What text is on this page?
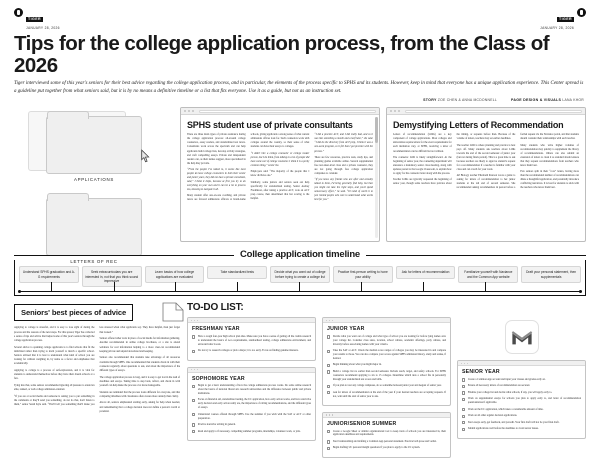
TIGER
JANUARY 28, 2026
TIGER
JANUARY 28, 2026
Tips for the college application process, from the Class of 2026

Tiger interviewed some of this year's seniors for their best advice regarding the college application process, and in particular, the elements of the process specific to SPHS and its students. However, keep in mind that everyone has a unique application experience. This Center spread is a guideline put together from what seniors said, but it is by no means a definitive timeline or a list that fits everyone. Use it as a guide, but not as an instruction set.

STORY ZOE CHEN & ANNA MCDONNELL	PAGE DESIGN & VISUALS LANA KHOR
APPLICATIONS
LETTERS OF REC
SPHS student use of private consultants

There are three main types of private assistance during the college application process: all-around college counselors, essay readers, and standardized test tutors. Consultants work across the spectrum and can help applicants build college lists, develop activity strategies, and craft compelling essays. Private and independent readers can, as their names suggest, more specialized in the help they provide.

“From the people I've talked to, it seems like most people do have college counselors in both their senior and junior years, they did not have a private consultant, said,” I think it helps, because at first you try to do everything on your own and it can be a lot to process too, knowing to navigate it all.

Many student offer one-on-one coaching, and private tutors are favored admissions officers at brand-name schools, giving applicants a strong sense of what current admissions offices look for. Such counselors work with colleges around the country, so their sense of what students can have their essays to colleges.

“I didn't hire a college counselor or college reader person, but I do think, from talking to a lot of people did have some sort of college counselor. I think it is a pretty common thing,” senior the.

Employers said: “The majority of the people that I know did have one.”

Similarly, some juniors and seniors seek out help specifically for standardized testing. Senior Audrey Fredrikson, after taking a practice ACT, took an ACT prep course, then determined that her scoring is the helpful.

“I did a practice ACT, and I did really bad, and so it was like something a month and a half later,” she said. “I did do the directory from ACT prep, I think it was a one-week program, so it felt that I got practice with the process.”

There are few resources, practice tests, study tips, and planning guides available online. Several supplemental free test-taker-level class and a private counselor, they are not going through free college application companies to consider.

“If you know any friends who are after and actually talked to them, I'd bring generally find help, but then you might not take the right steps, and you'd spend unnecessary effort,” he said. “It's kind of worth it to just remind people who care to understand what works best for you.”

Demystifying Letters of Recommendation

Letters of recommendation (LORs) are a key component of college applications. Most colleges and universities require letters for the exact requirements for each institution vary, at SPHS, receiving a letter of recommendation can be difficult but not without.

The counselor LOR is likely straightforward. At the beginning of senior year, the counseling department will announce a mandatory senior class meeting, along with updates posted to the Google Classroom, to explain how to apply for the counselor letter along with the process.

Teacher LORs are typically requested the beginning of senior year, though some teachers have policies about the timing, or requests before then. Because of the volume of letters, teachers may set earlier deadlines.

The teacher LOR is where planning and practice is best pays off. Many students ask teachers about LORs towards the end of the second semester of junior year (but not during finals period). This is a great time to ask because teachers are likely to approve student's request for a recommendation if a teacher is familiar with your class and can vouch for your work.

AP Biology teacher Elizabeth Pearson wrote a guide to asking for letters of recommendation to her junior students at the tail end of second semester. She recommended asking recommenders in person before a formal request via the Naviance portal, and that students should consider their relationships with each teacher.

Many students who write higher volumes of recommendation may quickly to supplement the library of recommendations. Others can also submit an extension of letters to clean it as standard should ensure that they request recommendations from teachers who know them best.

Few seniors split in their “core” letters, having more than the recommended number of recommendations can dilute a thoughtful application, and potentially introduce conflicting narratives. It is best for students to stick with the teachers who know them best.

College application timeline
Understand SPHS graduation and A-G requirements
Seek extracurriculars you are interested in, not that you think sound impressive
Learn basics of how college applications are evaluated
Take standardized tests	Decide what you want out of college before trying to create a college list
Practice first-person writing to hone your ability
Ask for letters of recommendation	Familiarize yourself with Naviance and the Common App website
Draft your personal statement, then supplementals
Seniors' best pieces of advice

Applying to college is stressful, and it is easy to lose sight of during the process and the reasons of the next steps. For this spread, Tiger has collected a series of tips and advice that helped some of this year's seniors through the college application process.

Several advice to spanning college applicants is to find schools that fit the individual rather than trying to mold yourself to match a specific school. Seniors advised that it is best to understand what kind of school you are looking for without weighing in, by name as a factor and emphasize that academically.

Applying to college is a process of self-exploration, and it is vital for students to understand themselves before they have their dream schools at a few.

Tying into that, some seniors recommended ignoring all pressure to attend an elite, ranked, or well-college admission-oriented.

“If you are at social media and someone is asking you to put something in the comments or they'll send you something, do not do that, don't listen to them,” senior Sarah Kyle said. “That'll tell you something that'll make you less stressed when what applicants say. They have helpful, then just forget that looked.”

Seniors offered other tools in place of social media for information gathering. Another recommended in online college brochures, or a site to attend webinars for real information helping to a more clear-cut recommended keeping private and unpaid aid-related and keeping.

Seniors also recommended that students take advantage of all resources available through SPHS. One recommended that students check in with their counselor regularly about questions to ask, and about the importance of the different types of essays.

The college application process is long, and it is easy to get lost in the rush of deadlines and essays. Taking time to step back, reflect, and check in with yourself can help make the process a lot more manageable.

Students are reminded that the process looks different for everyone, and that comparing timelines with classmates often creates more anxiety than clarity.

Above all, seniors emphasized starting early, asking for help when needed, and remembering that a college decision does not define a person's worth or potential.

TO-DO LIST:
FRESHMAN YEAR

Have a rough four-year high school plan idea. Make sure you have a sense of getting all the credits research to understand the basics of A-G requirements, standardized testing, college admissions environment, and extracurricular boosts.

Do not try to research colleges or pick a major; it is too early. Focus on finding genuine interests.

SOPHOMORE YEAR

Begin to get a basic understanding of how the college admissions process works. Do some online research about the basics of national liberal arts research universities and the difference between public and private institutions.

Focus on financial aid, standardized testing, the UC application, how early action works, and how restrictive early decision and early action really are, the importance of rolling recommendations, and the different types of essays.

Understand courses offered through SPHS. Use the summer if you wish with the SAT or ACT or other preparation.

Practice narrative writing in general.

Read and apply to if necessary, compelling summer programs, internships, volunteer work, or jobs.

JUNIOR YEAR

Decide what you want out of college and what type of school you are looking for before tying names onto your college list. Consider class sizes, location, school culture, academic offerings, party culture, and diversity before associating names with your criteria.

Take the SAT or ACT. Check the median score ranges of colleges you may be interested in and compare your results to those. You can also compare your scores against SPHS admission history, study and retake, if desired.

Begin thinking about what you might major in.

Build a college list no earlier than second semester. Include reach, target, and safety schools. For SPHS counselors recommend applying to six to 15 colleges. Determine which tiers a school fits in personally through your standardized test scores and GPA.

If you plan to tour any college campuses, do so sometime between junior year and August of senior year.

Ask for letters of recommendation at the end of the year if your desired teachers are accepting requests. If not, wait until the start of senior year to ask.

JUNIOR/SENIOR SUMMER

Create a Google Sheet or similar organizational tool to keep track of schools you are interested in, their application deadlines and requirements.

Start brainstorming and drafting a Common App personal statement. Practice both prose and verbal.

Begin drafting UC personal insight questions if you plan to apply to the UC system.

SENIOR YEAR

Create a Common App account and input your classes and grades early on.

Ensure all necessary letters of recommendation are secured.

Finalize your college list and decide what schools, if any, you will apply early to.

Work on supplemental essays for schools you plan to apply early to, and letter of recommendation questionnaires if applicable.

Work on the UC application, which takes a considerable amount of time.

Work on all other regular decision applications.

Start essays early, get feedback, and yes/edit. Your first draft will not be your final draft.

Submit applications well before the deadlines to avoid server issues.
